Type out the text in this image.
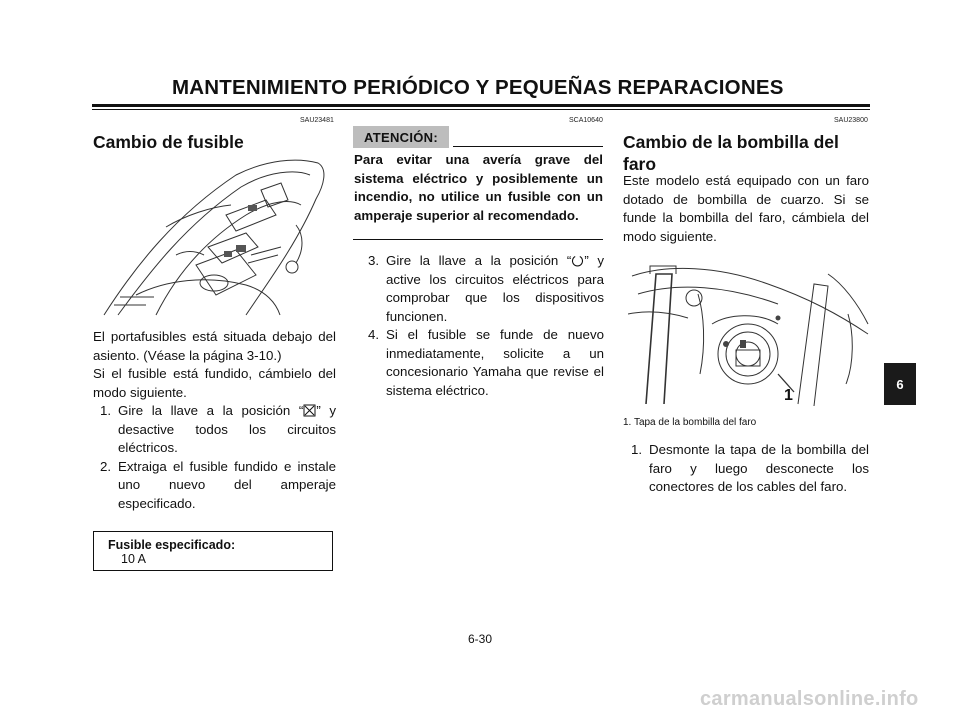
MANTENIMIENTO PERIÓDICO Y PEQUEÑAS REPARACIONES
SAU23481
Cambio de fusible
El portafusibles está situada debajo del asiento. (Véase la página 3-10.)
Si el fusible está fundido, cámbielo del modo siguiente.
1. Gire la llave a la posición “ ” y desactive todos los circuitos eléctricos.
2. Extraiga el fusible fundido e instale uno nuevo del amperaje especificado.
Fusible especificado:
10 A
SCA10640
ATENCIÓN:
Para evitar una avería grave del sistema eléctrico y posiblemente un incendio, no utilice un fusible con un amperaje superior al recomendado.
3. Gire la llave a la posición “ ” y active los circuitos eléctricos para comprobar que los dispositivos funcionen.
4. Si el fusible se funde de nuevo inmediatamente, solicite a un concesionario Yamaha que revise el sistema eléctrico.
SAU23800
Cambio de la bombilla del faro
Este modelo está equipado con un faro dotado de bombilla de cuarzo. Si se funde la bombilla del faro, cámbiela del modo siguiente.
1
1. Tapa de la bombilla del faro
1. Desmonte la tapa de la bombilla del faro y luego desconecte los conectores de los cables del faro.
6
6-30
carmanualsonline.info
